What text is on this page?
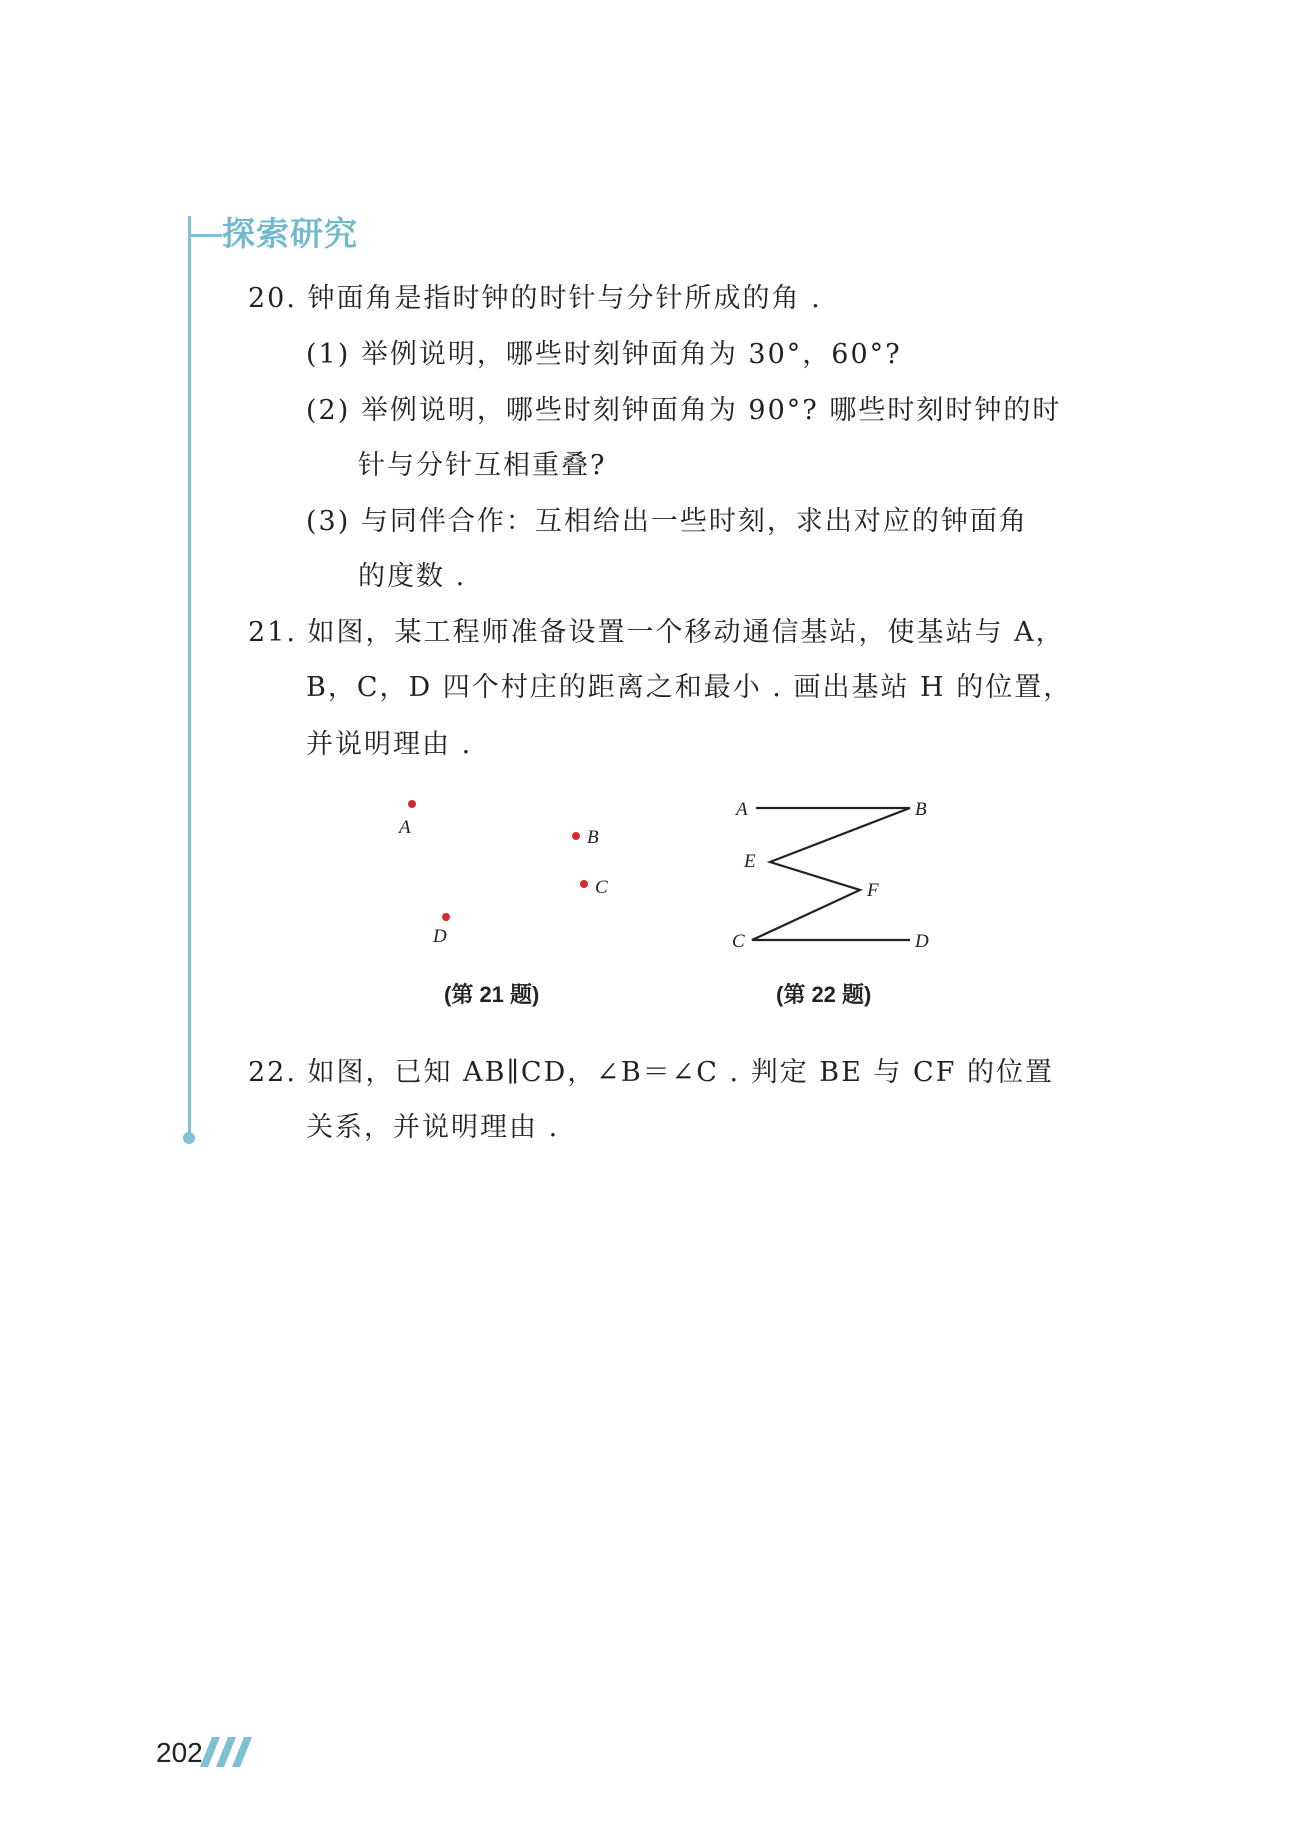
探索研究
20. 钟面角是指时钟的时针与分针所成的角 .
(1) 举例说明，哪些时刻钟面角为 30°，60°?
(2) 举例说明，哪些时刻钟面角为 90°? 哪些时刻时钟的时
针与分针互相重叠?
(3) 与同伴合作：互相给出一些时刻，求出对应的钟面角
的度数 .
21. 如图，某工程师准备设置一个移动通信基站，使基站与 A，
B，C，D 四个村庄的距离之和最小 . 画出基站 H 的位置，
并说明理由 .
A	B
C
D
(第 21 题)
A	B
E
F
C	D
(第 22 题)
22. 如图，已知 AB∥CD，∠B＝∠C . 判定 BE 与 CF 的位置
关系，并说明理由 .
202
